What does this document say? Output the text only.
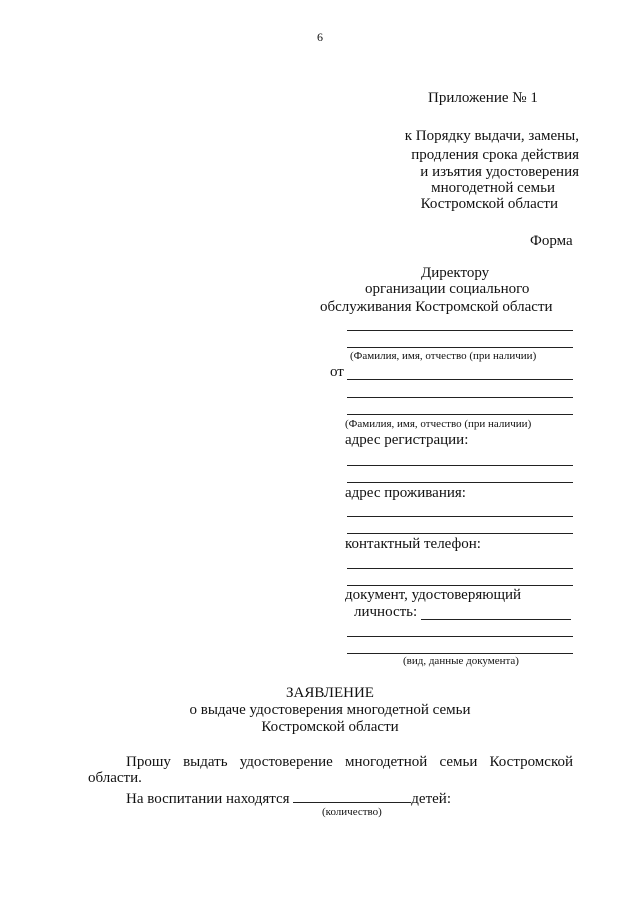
6
Приложение № 1
к Порядку выдачи, замены,
продления срока действия
и изъятия удостоверения
многодетной семьи
Костромской области
Форма
Директору
организации социального
обслуживания Костромской области
(Фамилия, имя, отчество (при наличии)
от
(Фамилия, имя, отчество (при наличии)
адрес регистрации:
адрес проживания:
контактный телефон:
документ, удостоверяющий
личность:
(вид, данные документа)
ЗАЯВЛЕНИЕ
о выдаче удостоверения многодетной семьи
Костромской области
Прошу выдать удостоверение многодетной семьи Костромской
области.
На воспитании находятся	детей:
(количество)
